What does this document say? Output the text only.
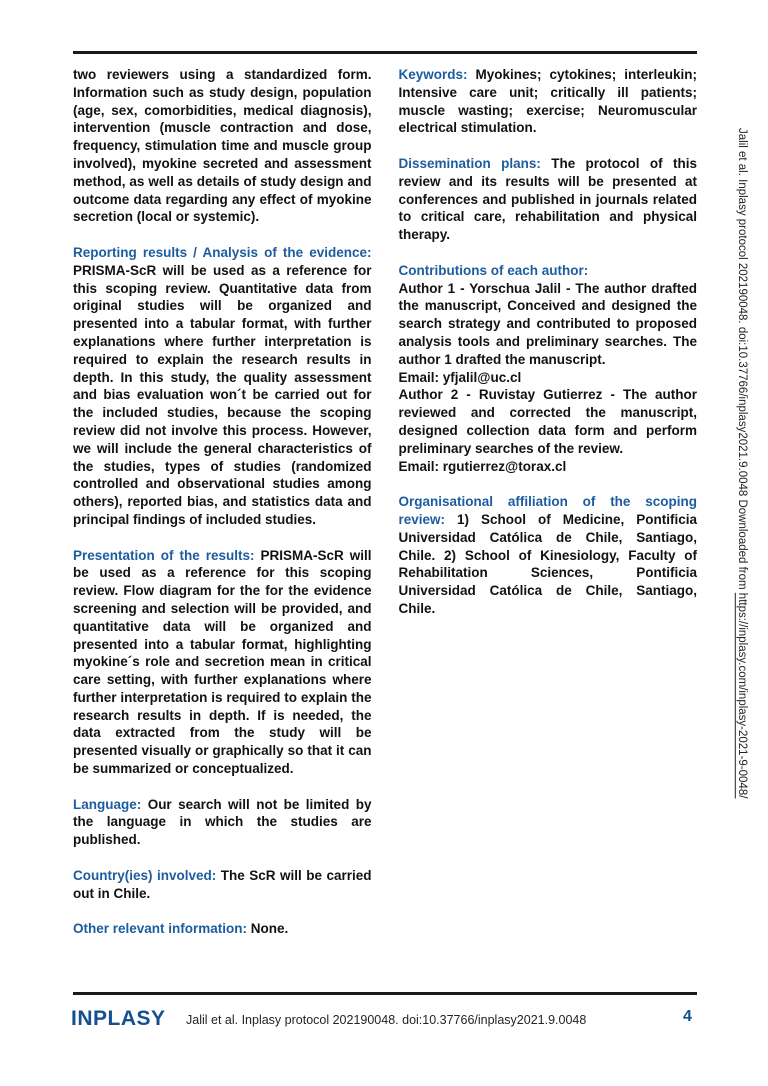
two reviewers using a standardized form. Information such as study design, population (age, sex, comorbidities, medical diagnosis), intervention (muscle contraction and dose, frequency, stimulation time and muscle group involved), myokine secreted and assessment method, as well as details of study design and outcome data regarding any effect of myokine secretion (local or systemic).

Reporting results / Analysis of the evidence: PRISMA-ScR will be used as a reference for this scoping review. Quantitative data from original studies will be organized and presented into a tabular format, with further explanations where further interpretation is required to explain the research results in depth. In this study, the quality assessment and bias evaluation won´t be carried out for the included studies, because the scoping review did not involve this process. However, we will include the general characteristics of the studies, types of studies (randomized controlled and observational studies among others), reported bias, and statistics data and principal findings of included studies.

Presentation of the results: PRISMA-ScR will be used as a reference for this scoping review. Flow diagram for the for the evidence screening and selection will be provided, and quantitative data will be organized and presented into a tabular format, highlighting myokine´s role and secretion mean in critical care setting, with further explanations where further interpretation is required to explain the research results in depth. If is needed, the data extracted from the study will be presented visually or graphically so that it can be summarized or conceptualized.

Language: Our search will not be limited by the language in which the studies are published.

Country(ies) involved: The ScR will be carried out in Chile.

Other relevant information: None.

Keywords: Myokines; cytokines; interleukin; Intensive care unit; critically ill patients; muscle wasting; exercise; Neuromuscular electrical stimulation.

Dissemination plans: The protocol of this review and its results will be presented at conferences and published in journals related to critical care, rehabilitation and physical therapy.

Contributions of each author:
Author 1 - Yorschua Jalil - The author drafted the manuscript, Conceived and designed the search strategy and contributed to proposed analysis tools and preliminary searches. The author 1 drafted the manuscript.
Email: yfjalil@uc.cl
Author 2 - Ruvistay Gutierrez - The author reviewed and corrected the manuscript, designed collection data form and perform preliminary searches of the review.
Email: rgutierrez@torax.cl

Organisational affiliation of the scoping review: 1) School of Medicine, Pontificia Universidad Católica de Chile, Santiago, Chile. 2) School of Kinesiology, Faculty of Rehabilitation Sciences, Pontificia Universidad Católica de Chile, Santiago, Chile.

Jalil et al. Inplasy protocol 202190048. doi:10.37766/inplasy2021.9.0048 Downloaded from https://inplasy.com/inplasy-2021-9-0048/
INPLASY Jalil et al. Inplasy protocol 202190048. doi:10.37766/inplasy2021.9.0048	4
